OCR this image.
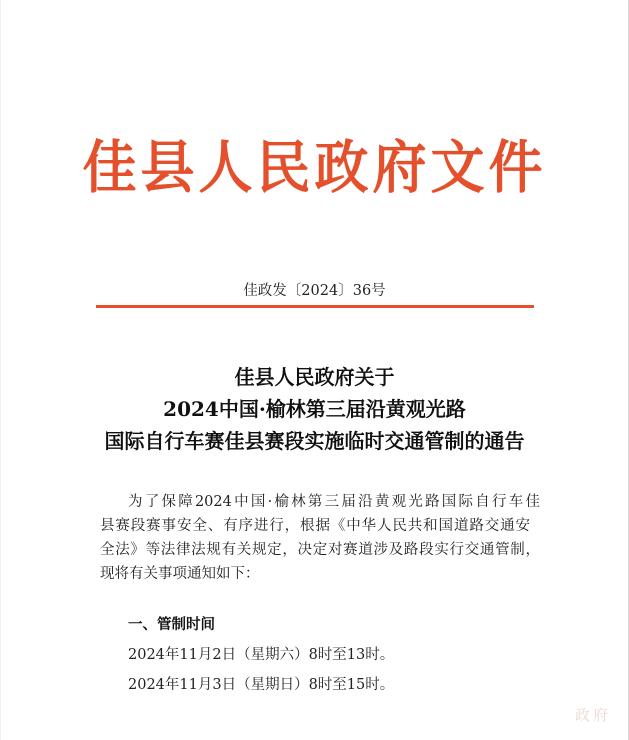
佳县人民政府文件
佳政发〔2024〕36号
佳县人民政府关于
2024中国·榆林第三届沿黄观光路
国际自行车赛佳县赛段实施临时交通管制的通告
为了保障2024中国·榆林第三届沿黄观光路国际自行车佳
县赛段赛事安全、有序进行，根据《中华人民共和国道路交通安
全法》等法律法规有关规定，决定对赛道涉及路段实行交通管制，
现将有关事项通知如下：
一、管制时间
2024年11月2日（星期六）8时至13时。
2024年11月3日（星期日）8时至15时。
政府
